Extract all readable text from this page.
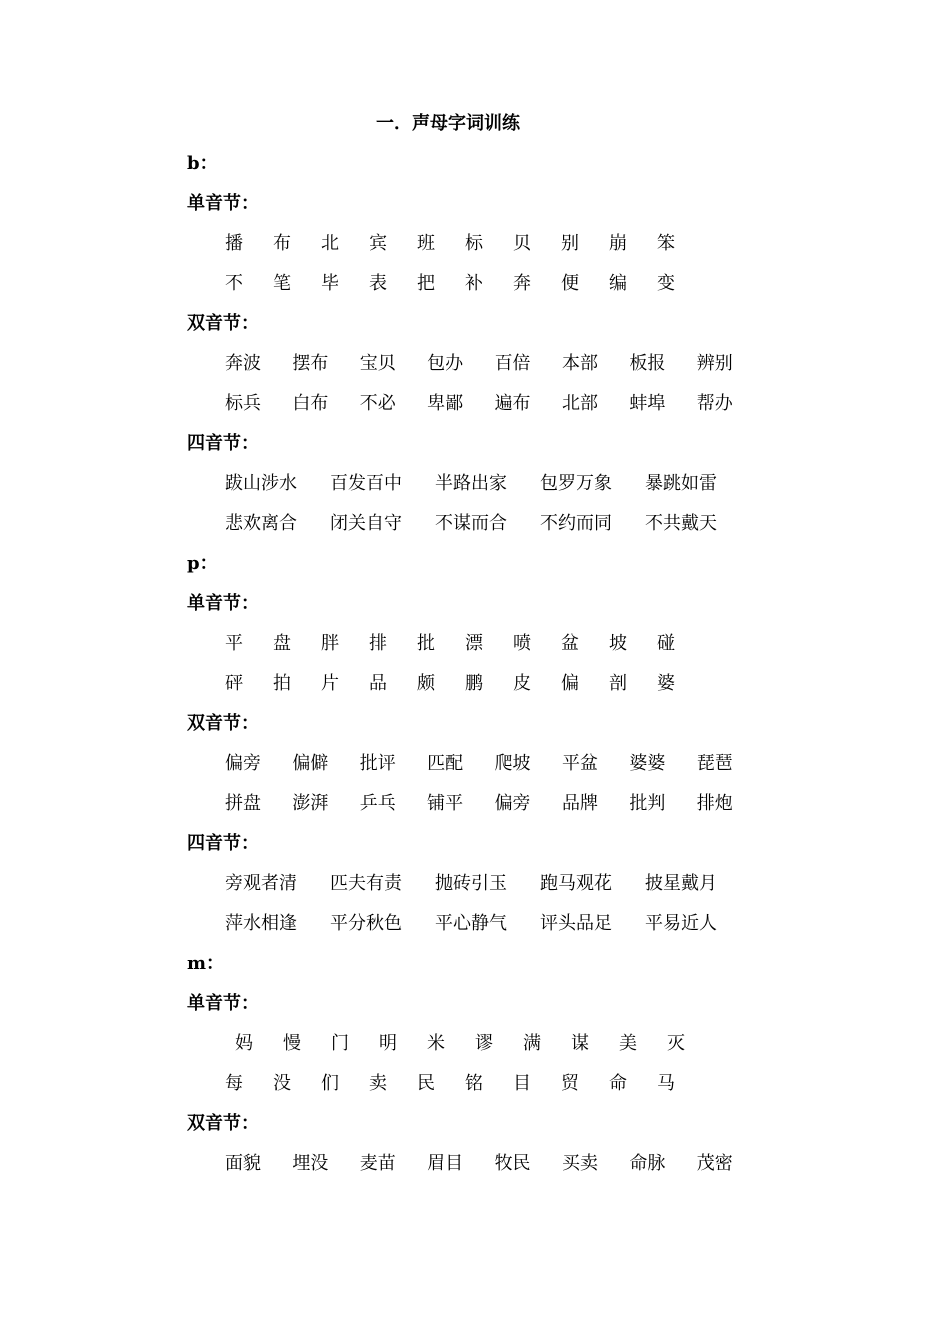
一．声母字词训练
b：
单音节：
播 布 北 宾 班 标 贝 别 崩 笨
不 笔 毕 表 把 补 奔 便 编 变
双音节：
奔波 摆布 宝贝 包办 百倍 本部 板报 辨别
标兵 白布 不必 卑鄙 遍布 北部 蚌埠 帮办
四音节：
跋山涉水 百发百中 半路出家 包罗万象 暴跳如雷
悲欢离合 闭关自守 不谋而合 不约而同 不共戴天
p：
单音节：
平 盘 胖 排 批 漂 喷 盆 坡 碰
砰 拍 片 品 颇 鹏 皮 偏 剖 婆
双音节：
偏旁 偏僻 批评 匹配 爬坡 平盆 婆婆 琵琶
拼盘 澎湃 乒乓 铺平 偏旁 品牌 批判 排炮
四音节：
旁观者清 匹夫有责 抛砖引玉 跑马观花 披星戴月
萍水相逢 平分秋色 平心静气 评头品足 平易近人
m：
单音节：
妈 慢 门 明 米 谬 满 谋 美 灭
每 没 们 卖 民 铭 目 贸 命 马
双音节：
面貌 埋没 麦苗 眉目 牧民 买卖 命脉 茂密
